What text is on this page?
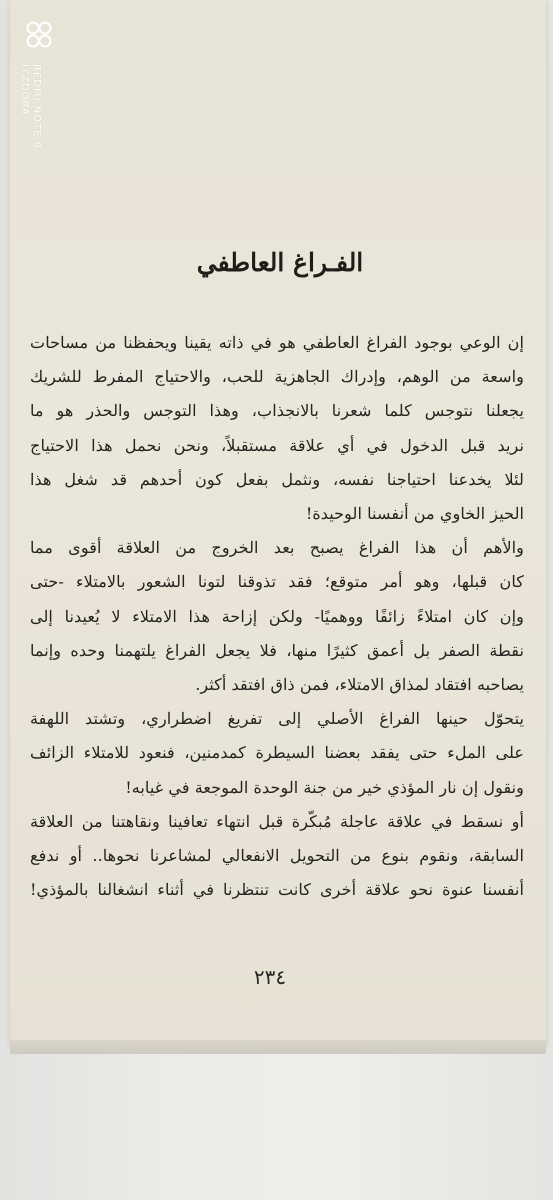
REDMI NOTE 8
IYZDORA
الفـراغ العاطفي

إن الوعي بوجود الفراغ العاطفي هو في ذاته يقينا ويحفظنا من مساحات
واسعة من الوهم، وإدراك الجاهزية للحب، والاحتياج المفرط للشريك
يجعلنا نتوجس كلما شعرنا بالانجذاب، وهذا التوجس والحذر هو ما
نريد قبل الدخول في أي علاقة مستقبلاً، ونحن نحمل هذا الاحتياج
لئلا يخدعنا احتياجنا نفسه، ونثمل بفعل كون أحدهم قد شغل هذا
الحيز الخاوي من أنفسنا الوحيدة!

والأهم أن هذا الفراغ يصبح بعد الخروج من العلاقة أقوى مما
كان قبلها، وهو أمر متوقع؛ فقد تذوقنا لتونا الشعور بالامتلاء -حتى
وإن كان امتلاءً زائفًا ووهميًا- ولكن إزاحة هذا الامتلاء لا يُعيدنا إلى
نقطة الصفر بل أعمق كثيرًا منها، فلا يجعل الفراغ يلتهمنا وحده وإنما
يصاحبه افتقاد لمذاق الامتلاء، فمن ذاق افتقد أكثر.

يتحوّل حينها الفراغ الأصلي إلى تفريغ اضطراري، وتشتد اللهفة
على الملء حتى يفقد بعضنا السيطرة كمدمنين، فنعود للامتلاء الزائف
ونقول إن نار المؤذي خير من جنة الوحدة الموجعة في غيابه!

أو نسقط في علاقة عاجلة مُبكّرة قبل انتهاء تعافينا ونقاهتنا من العلاقة
السابقة، ونقوم بنوع من التحويل الانفعالي لمشاعرنا نحوها.. أو ندفع
أنفسنا عنوة نحو علاقة أخرى كانت تنتظرنا في أثناء انشغالنا بالمؤذي!

٢٣٤
